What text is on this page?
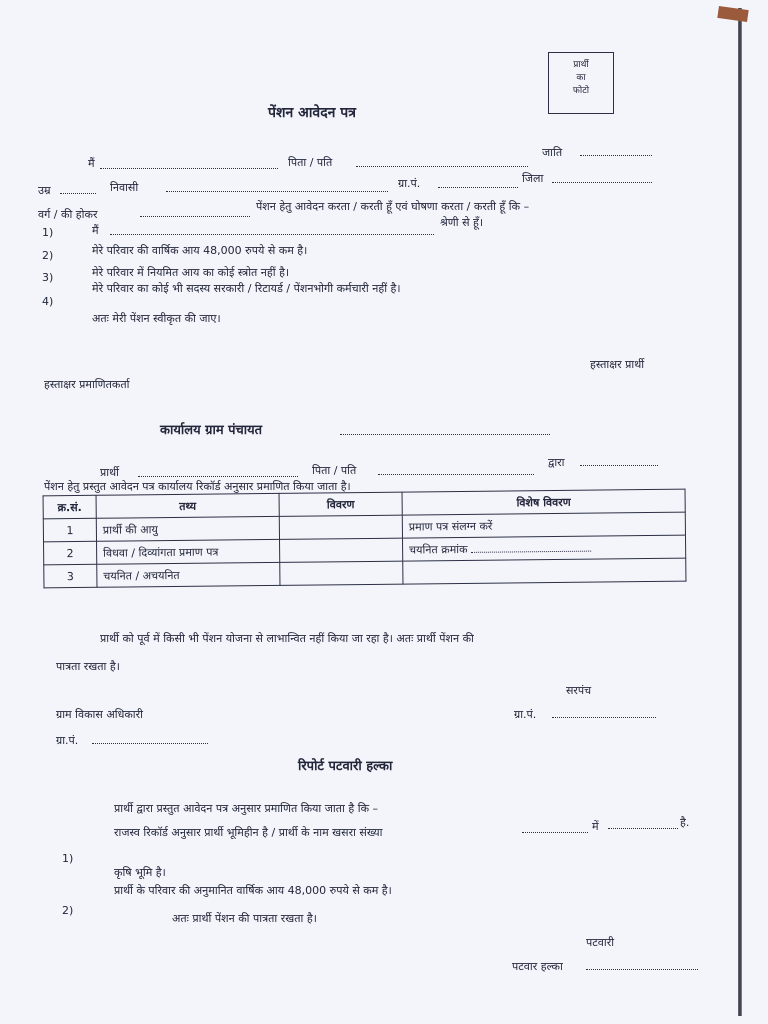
प्रार्थी
का
फोटो
पेंशन आवेदन पत्र
मैं	पिता / पति
जाति
उम्र	निवासी	ग्रा.पं.	जिला
वर्ग / की होकर
पेंशन हेतु आवेदन करता / करती हूँ एवं घोषणा करता / करती हूँ कि –
1)	मैं
श्रेणी से हूँ।
2)	मेरे परिवार की वार्षिक आय 48,000 रुपये से कम है।
3)	मेरे परिवार में नियमित आय का कोई स्त्रोत नहीं है।
4)
मेरे परिवार का कोई भी सदस्य सरकारी / रिटायर्ड / पेंशनभोगी कर्मचारी नहीं है।
अतः मेरी पेंशन स्वीकृत की जाए।
हस्ताक्षर प्रार्थी
हस्ताक्षर प्रमाणितकर्ता
कार्यालय ग्राम पंचायत
प्रार्थी	पिता / पति
द्वारा
पेंशन हेतु प्रस्तुत आवेदन पत्र कार्यालय रिकॉर्ड अनुसार प्रमाणित किया जाता है।
क्र.सं.	तथ्य	विवरण	विशेष विवरण
1	प्रार्थी की आयु		प्रमाण पत्र संलग्न करें
2	विधवा / दिव्यांगता प्रमाण पत्र		चयनित क्रमांक
3	चयनित / अचयनित		
प्रार्थी को पूर्व में किसी भी पेंशन योजना से लाभान्वित नहीं किया जा रहा है। अतः प्रार्थी पेंशन की
पात्रता रखता है।
सरपंच
ग्रा.पं.
ग्राम विकास अधिकारी
ग्रा.पं.
रिपोर्ट पटवारी हल्का
प्रार्थी द्वारा प्रस्तुत आवेदन पत्र अनुसार प्रमाणित किया जाता है कि –
1)
राजस्व रिकॉर्ड अनुसार प्रार्थी भूमिहीन है / प्रार्थी के नाम खसरा संख्या	में	है.
कृषि भूमि है।
2)
प्रार्थी के परिवार की अनुमानित वार्षिक आय 48,000 रुपये से कम है।
अतः प्रार्थी पेंशन की पात्रता रखता है।
पटवारी
पटवार हल्का
